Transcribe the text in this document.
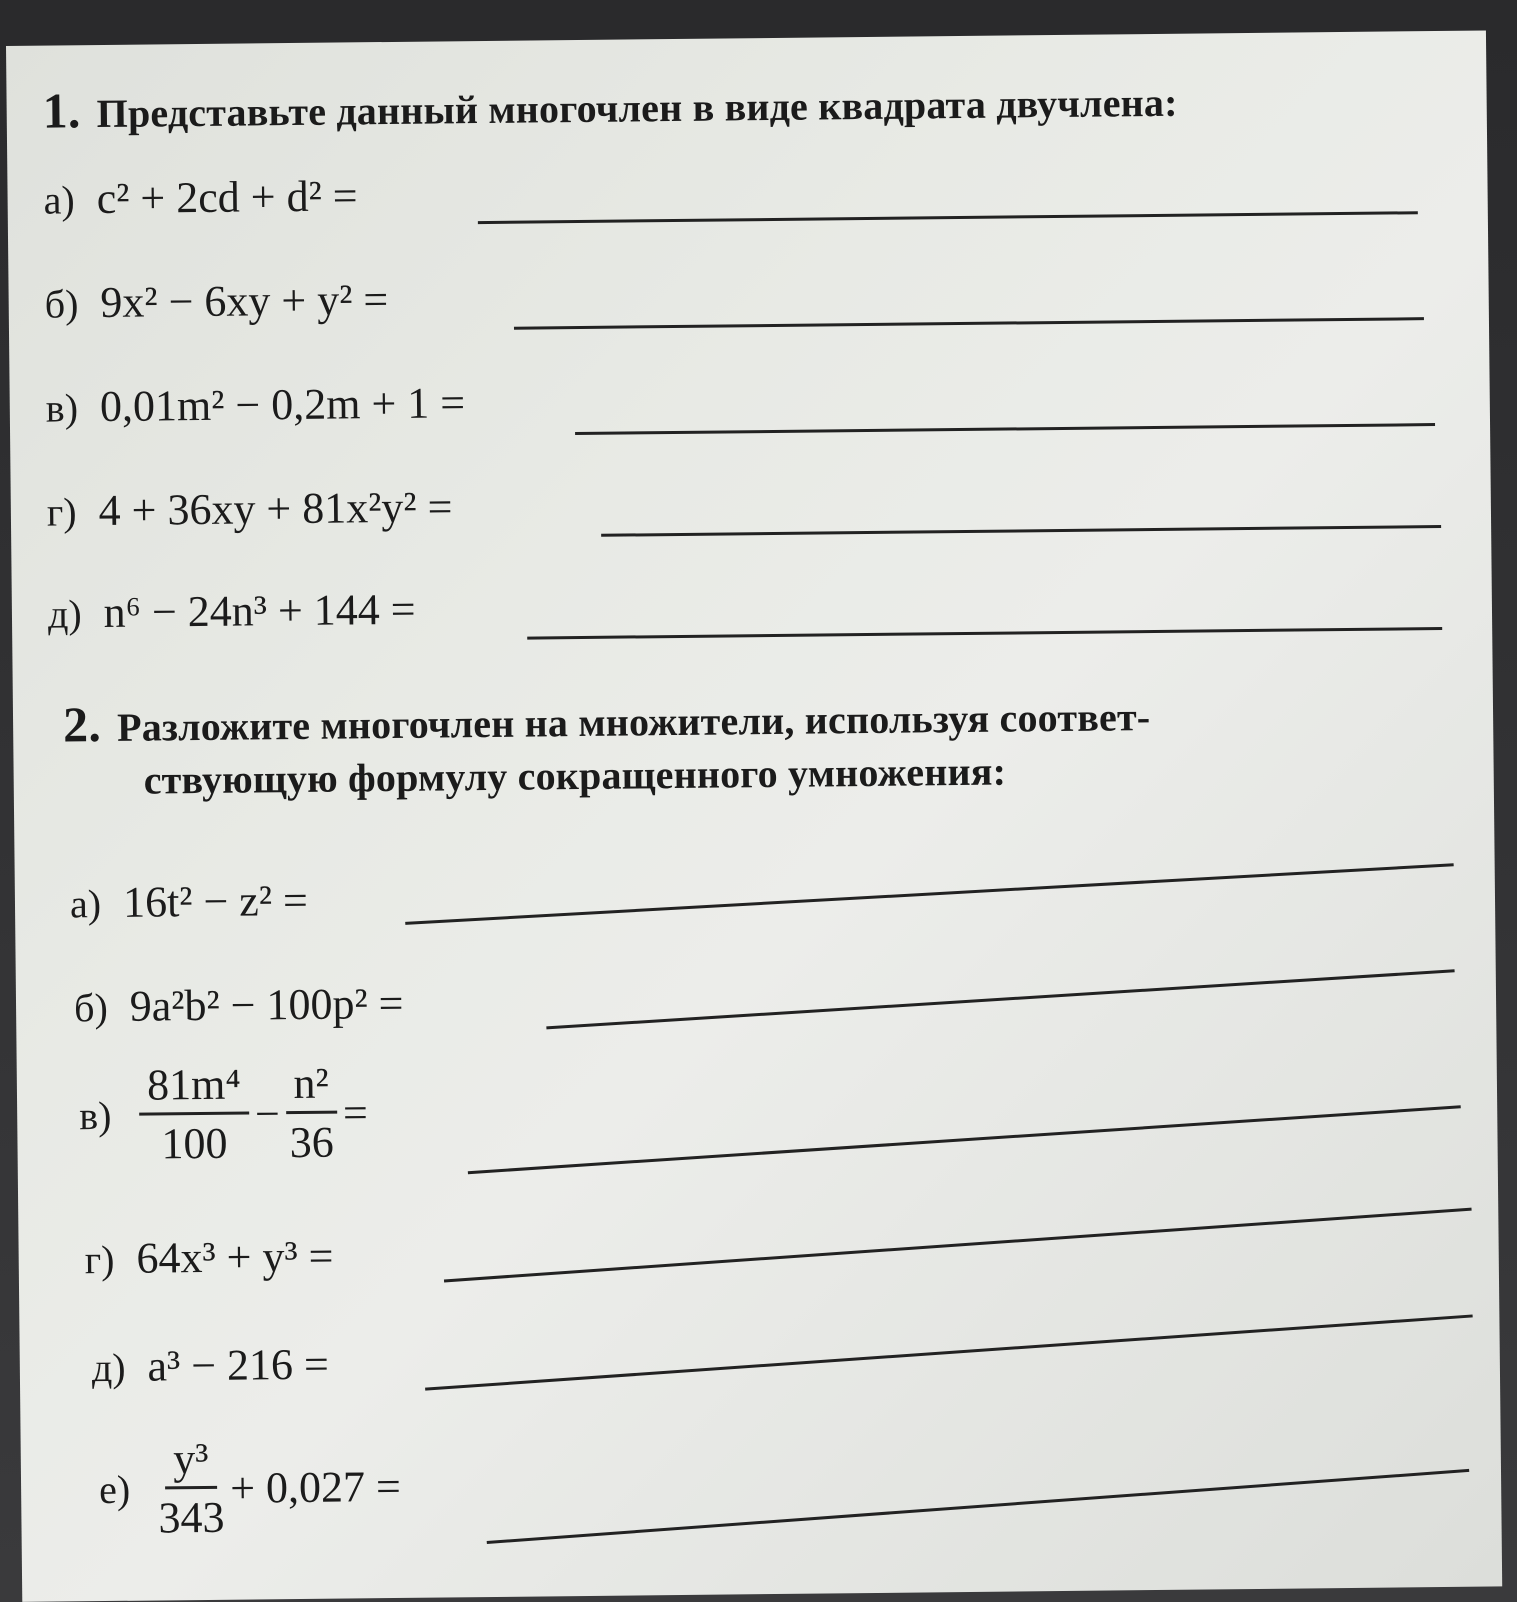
1. Представьте данный многочлен в виде квадрата двучлена:
а) c² + 2cd + d² =
б) 9x² − 6xy + y² =
в) 0,01m² − 0,2m + 1 =
г) 4 + 36xy + 81x²y² =
д) n⁶ − 24n³ + 144 =
2. Разложите многочлен на множители, используя соответ-
ствующую формулу сокращенного умножения:
а) 16t² − z² =
б) 9a²b² − 100p² =
$в) \frac{\text{81m⁴}}{100} - \frac{\text{n²}}{36}$ =
г) 64x³ + y³ =
д) a³ − 216 =
$е) \frac{\text{y³}}{343} + 0,027$ =
